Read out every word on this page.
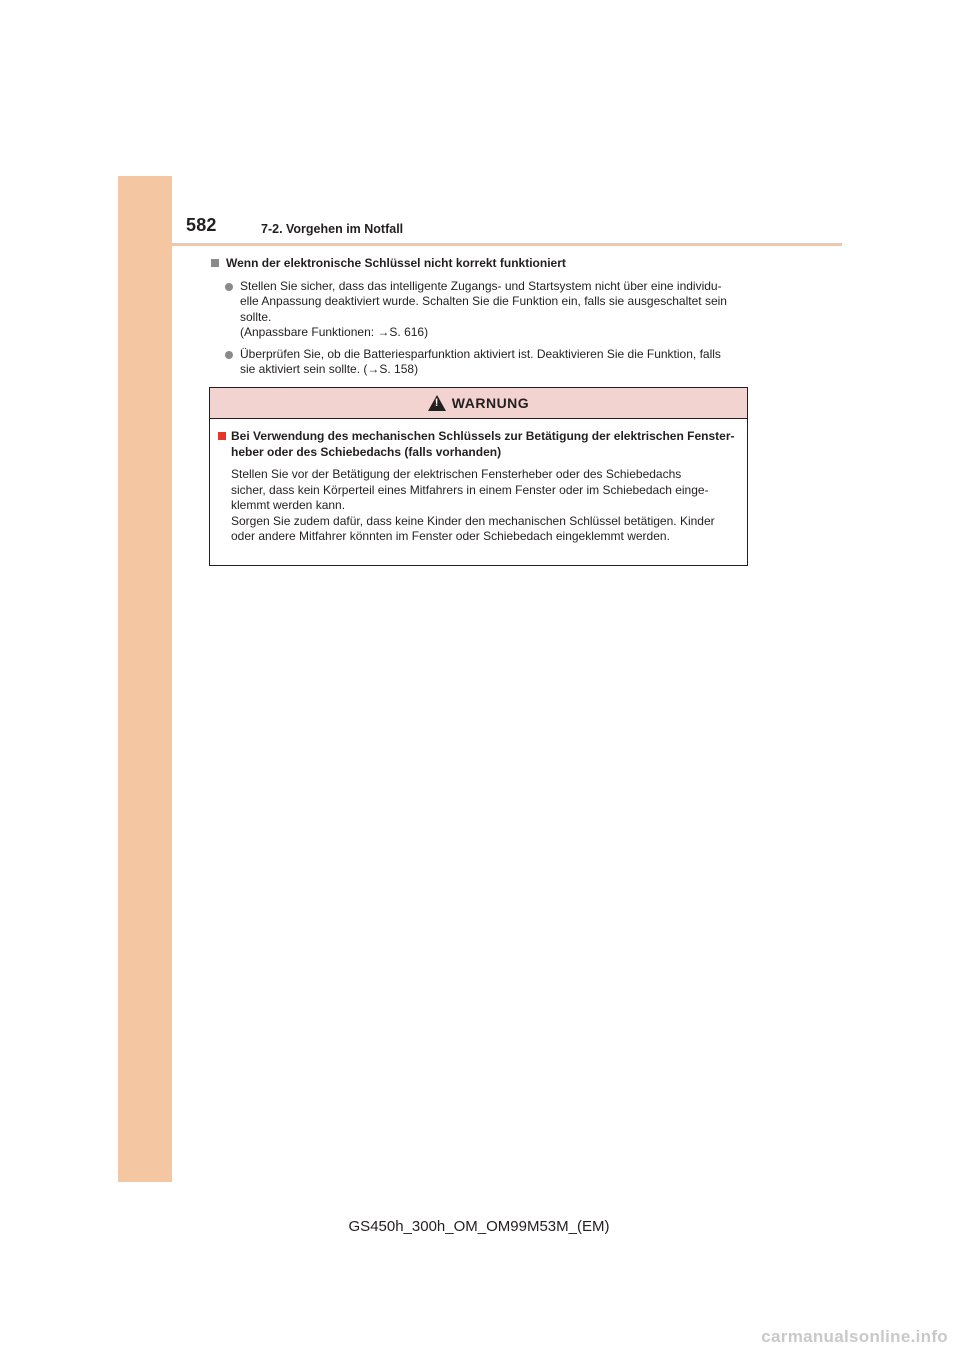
582	7-2. Vorgehen im Notfall
Wenn der elektronische Schlüssel nicht korrekt funktioniert
Stellen Sie sicher, dass das intelligente Zugangs- und Startsystem nicht über eine individu-
elle Anpassung deaktiviert wurde. Schalten Sie die Funktion ein, falls sie ausgeschaltet sein
sollte.
(Anpassbare Funktionen: →S. 616)
Überprüfen Sie, ob die Batteriesparfunktion aktiviert ist. Deaktivieren Sie die Funktion, falls
sie aktiviert sein sollte. (→S. 158)
! WARNUNG
Bei Verwendung des mechanischen Schlüssels zur Betätigung der elektrischen Fenster-heber oder des Schiebedachs (falls vorhanden)
Stellen Sie vor der Betätigung der elektrischen Fensterheber oder des Schiebedachs
sicher, dass kein Körperteil eines Mitfahrers in einem Fenster oder im Schiebedach einge-
klemmt werden kann.
Sorgen Sie zudem dafür, dass keine Kinder den mechanischen Schlüssel betätigen. Kinder
oder andere Mitfahrer könnten im Fenster oder Schiebedach eingeklemmt werden.
GS450h_300h_OM_OM99M53M_(EM)
carmanualsonline.info
